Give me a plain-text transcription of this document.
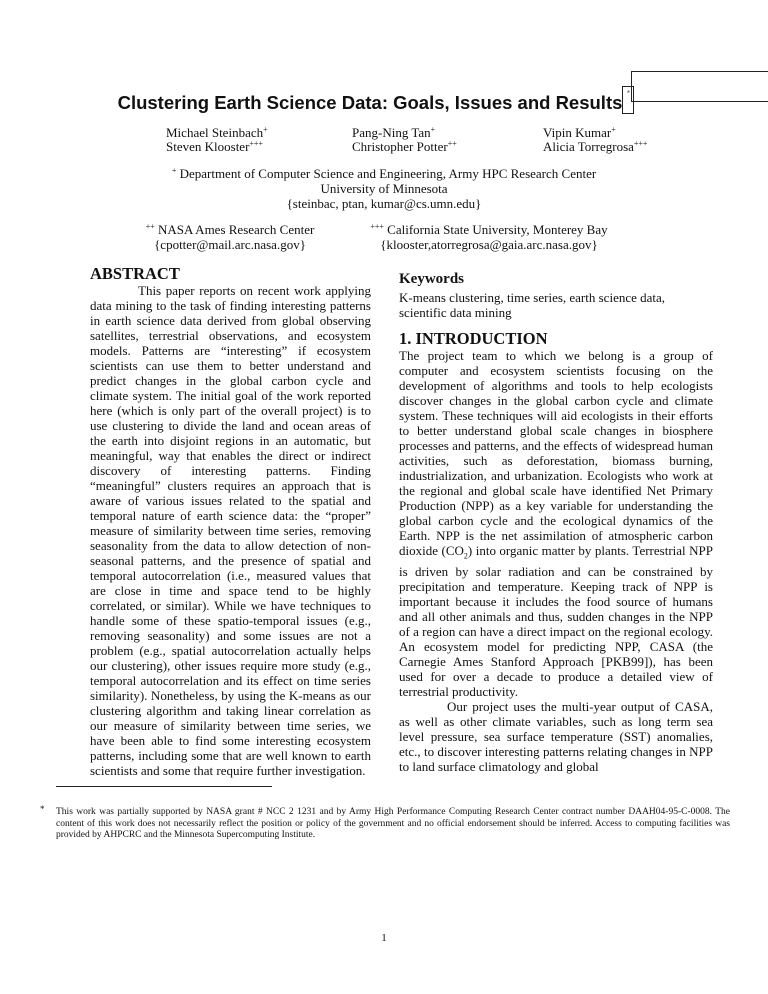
Clustering Earth Science Data: Goals, Issues and Results *
Michael Steinbach+
Steven Klooster+++
Pang-Ning Tan+
Christopher Potter++
Vipin Kumar+
Alicia Torregrosa+++
+ Department of Computer Science and Engineering, Army HPC Research Center
University of Minnesota
{steinbac, ptan, kumar@cs.umn.edu}
++ NASA Ames Research Center
{cpotter@mail.arc.nasa.gov}
+++ California State University, Monterey Bay
{klooster,atorregrosa@gaia.arc.nasa.gov}
ABSTRACT

This paper reports on recent work applying data mining to the task of finding interesting patterns in earth science data derived from global observing satellites, terrestrial observations, and ecosystem models. Patterns are “interesting” if ecosystem scientists can use them to better understand and predict changes in the global carbon cycle and climate system. The initial goal of the work reported here (which is only part of the overall project) is to use clustering to divide the land and ocean areas of the earth into disjoint regions in an automatic, but meaningful, way that enables the direct or indirect discovery of interesting patterns. Finding “meaningful” clusters requires an approach that is aware of various issues related to the spatial and temporal nature of earth science data: the “proper” measure of similarity between time series, removing seasonality from the data to allow detection of non-seasonal patterns, and the presence of spatial and temporal autocorrelation (i.e., measured values that are close in time and space tend to be highly correlated, or similar). While we have techniques to handle some of these spatio-temporal issues (e.g., removing seasonality) and some issues are not a problem (e.g., spatial autocorrelation actually helps our clustering), other issues require more study (e.g., temporal autocorrelation and its effect on time series similarity). Nonetheless, by using the K-means as our clustering algorithm and taking linear correlation as our measure of similarity between time series, we have been able to find some interesting ecosystem patterns, including some that are well known to earth scientists and some that require further investigation.

Keywords

K-means clustering, time series, earth science data, scientific data mining

1. INTRODUCTION

The project team to which we belong is a group of computer and ecosystem scientists focusing on the development of algorithms and tools to help ecologists discover changes in the global carbon cycle and climate system. These techniques will aid ecologists in their efforts to better understand global scale changes in biosphere processes and patterns, and the effects of widespread human activities, such as deforestation, biomass burning, industrialization, and urbanization. Ecologists who work at the regional and global scale have identified Net Primary Production (NPP) as a key variable for understanding the global carbon cycle and the ecological dynamics of the Earth. NPP is the net assimilation of atmospheric carbon dioxide $(CO_2)$ into organic matter by plants. Terrestrial NPP is driven by solar radiation and can be constrained by precipitation and temperature. Keeping track of NPP is important because it includes the food source of humans and all other animals and thus, sudden changes in the NPP of a region can have a direct impact on the regional ecology. An ecosystem model for predicting NPP, CASA (the Carnegie Ames Stanford Approach [PKB99]), has been used for over a decade to produce a detailed view of terrestrial productivity.

Our project uses the multi-year output of CASA, as well as other climate variables, such as long term sea level pressure, sea surface temperature (SST) anomalies, etc., to discover interesting patterns relating changes in NPP to land surface climatology and global

* This work was partially supported by NASA grant # NCC 2 1231 and by Army High Performance Computing Research Center contract number DAAH04-95-C-0008. The content of this work does not necessarily reflect the position or policy of the government and no official endorsement should be inferred. Access to computing facilities was provided by AHPCRC and the Minnesota Supercomputing Institute.
1
